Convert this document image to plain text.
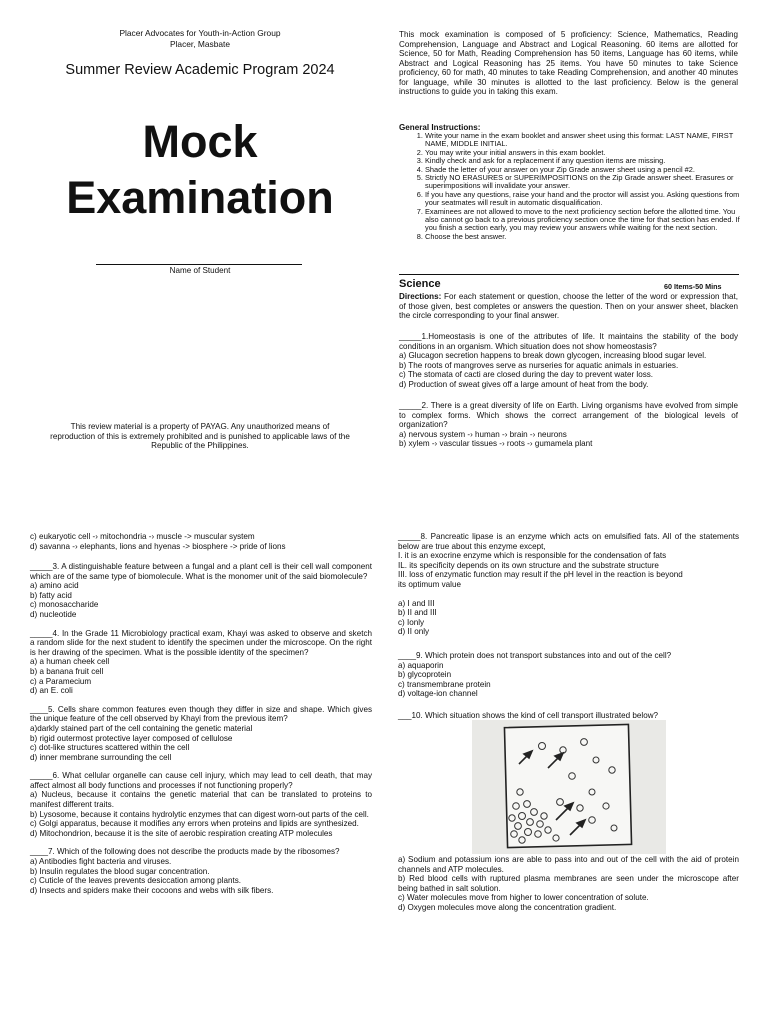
Placer Advocates for Youth-in-Action Group
Placer, Masbate
Summer Review Academic Program 2024
Mock
Examination
Name of Student
This review material is a property of PAYAG. Any unauthorized means of reproduction of this is extremely prohibited and is punished to applicable laws of the Republic of the Philippines.

This mock examination is composed of 5 proficiency: Science, Mathematics, Reading Comprehension, Language and Abstract and Logical Reasoning. 60 items are allotted for Science, 50 for Math, Reading Comprehension has 50 items, Language has 60 items, while Abstract and Logical Reasoning has 25 items. You have 50 minutes to take Science proficiency, 60 for math, 40 minutes to take Reading Comprehension, and another 40 minutes for language, while 30 minutes is allotted to the last proficiency. Below is the general instructions to guide you in taking this exam.

General Instructions:
1. Write your name in the exam booklet and answer sheet using this format: LAST NAME, FIRST NAME, MIDDLE INITIAL.
2. You may write your initial answers in this exam booklet.
3. Kindly check and ask for a replacement if any question items are missing.
4. Shade the letter of your answer on your Zip Grade answer sheet using a pencil #2.
5. Strictly NO ERASURES or SUPERIMPOSITIONS on the Zip Grade answer sheet. Erasures or superimpositions will invalidate your answer.
6. If you have any questions, raise your hand and the proctor will assist you. Asking questions from your seatmates will result in automatic disqualification.
7. Examinees are not allowed to move to the next proficiency section before the allotted time. You also cannot go back to a previous proficiency section once the time for that section has ended. If you finish a section early, you may review your answers while waiting for the next section.
8. Choose the best answer.
Science	60 Items-50 Mins

Directions: For each statement or question, choose the letter of the word or expression that, of those given, best completes or answers the question. Then on your answer sheet, blacken the circle corresponding to your final answer.

_____1.Homeostasis is one of the attributes of life. It maintains the stability of the body conditions in an organism. Which situation does not show homeostasis?

a) Glucagon secretion happens to break down glycogen, increasing blood sugar level.

b) The roots of mangroves serve as nurseries for aquatic animals in estuaries.

c) The stomata of cacti are closed during the day to prevent water loss.

d) Production of sweat gives off a large amount of heat from the body.

_____2. There is a great diversity of life on Earth. Living organisms have evolved from simple to complex forms. Which shows the correct arrangement of the biological levels of organization?

a) nervous system -› human -› brain -› neurons

b) xylem -› vascular tissues -› roots -› gumamela plant

c) eukaryotic cell -› mitochondria -› muscle -> muscular system

d) savanna -› elephants, lions and hyenas -> biosphere -> pride of lions

_____3. A distinguishable feature between a fungal and a plant cell is their cell wall component which are of the same type of biomolecule. What is the monomer unit of the said biomolecule?

a) amino acid

b) fatty acid

c) monosaccharide

d) nucleotide

_____4. In the Grade 11 Microbiology practical exam, Khayi was asked to observe and sketch a random slide for the next student to identify the specimen under the microscope. On the right is her drawing of the specimen. What is the possible identity of the specimen?

a) a human cheek cell

b) a banana fruit cell

c) a Paramecium

d) an E. coli

____5. Cells share common features even though they differ in size and shape. Which gives the unique feature of the cell observed by Khayi from the previous item?

a)darkly stained part of the cell containing the genetic material

b) rigid outermost protective layer composed of cellulose

c) dot-like structures scattered within the cell

d) inner membrane surrounding the cell

_____6. What cellular organelle can cause cell injury, which may lead to cell death, that may affect almost all body functions and processes if not functioning properly?

a) Nucleus, because it contains the genetic material that can be translated to proteins to manifest different traits.

b) Lysosome, because it contains hydrolytic enzymes that can digest worn-out parts of the cell.

c) Golgi apparatus, because it modifies any errors when proteins and lipids are synthesized.

d) Mitochondrion, because it is the site of aerobic respiration creating ATP molecules

____7. Which of the following does not describe the products made by the ribosomes?

a) Antibodies fight bacteria and viruses.

b) Insulin regulates the blood sugar concentration.

c) Cuticle of the leaves prevents desiccation among plants.

d) Insects and spiders make their cocoons and webs with silk fibers.

_____8. Pancreatic lipase is an enzyme which acts on emulsified fats. All of the statements below are true about this enzyme except,

I. it is an exocrine enzyme which is responsible for the condensation of fats

IL. its specificity depends on its own structure and the substrate structure

III. loss of enzymatic function may result if the pH level in the reaction is beyond its optimum value

a) I and III

b) II and III

c) Ionly

d) II only

____9. Which protein does not transport substances into and out of the cell?

a) aquaporin

b) glycoprotein

c) transmembrane protein

d) voltage-ion channel

___10. Which situation shows the kind of cell transport illustrated below?

a) Sodium and potassium ions are able to pass into and out of the cell with the aid of protein channels and ATP molecules.

b) Red blood cells with ruptured plasma membranes are seen under the microscope after being bathed in salt solution.

c) Water molecules move from higher to lower concentration of solute.

d) Oxygen molecules move along the concentration gradient.
